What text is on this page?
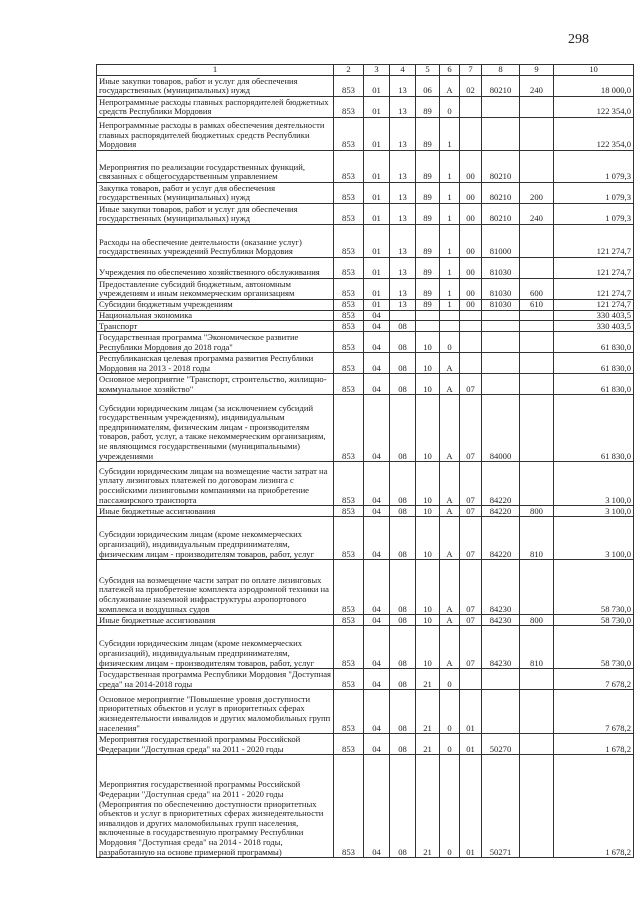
298
1	2	3	4	5	6	7	8	9	10
Иные закупки товаров, работ и услуг для обеспечения государственных (муниципальных) нужд	853	01	13	06	А	02	80210	240	18 000,0
Непрограммные расходы главных распорядителей бюджетных средств Республики Мордовия	853	01	13	89	0				122 354,0
Непрограммные расходы в рамках обеспечения деятельности главных распорядителей бюджетных средств Республики Мордовия	853	01	13	89	1				122 354,0
Мероприятия по реализации государственных функций, связанных с общегосударственным управлением	853	01	13	89	1	00	80210		1 079,3
Закупка товаров, работ и услуг для обеспечения государственных (муниципальных) нужд	853	01	13	89	1	00	80210	200	1 079,3
Иные закупки товаров, работ и услуг для обеспечения государственных (муниципальных) нужд	853	01	13	89	1	00	80210	240	1 079,3
Расходы на обеспечение деятельности (оказание услуг) государственных учреждений Республики Мордовия	853	01	13	89	1	00	81000		121 274,7
Учреждения по обеспечению хозяйственного обслуживания	853	01	13	89	1	00	81030		121 274,7
Предоставление субсидий бюджетным, автономным учреждениям и иным некоммерческим организациям	853	01	13	89	1	00	81030	600	121 274,7
Субсидии бюджетным учреждениям	853	01	13	89	1	00	81030	610	121 274,7
Национальная экономика	853	04							330 403,5
Транспорт	853	04	08						330 403,5
Государственная программа "Экономическое развитие Республики Мордовия до 2018 года"	853	04	08	10	0				61 830,0
Республиканская целевая программа развития Республики Мордовия на 2013 - 2018 годы	853	04	08	10	А				61 830,0
Основное мероприятие "Транспорт, строительство, жилищно-коммунальное хозяйство"	853	04	08	10	А	07			61 830,0
Субсидии юридическим лицам (за исключением субсидий государственным учреждениям), индивидуальным предпринимателям, физическим лицам - производителям товаров, работ, услуг, а также некоммерческим организациям, не являющимся государственными (муниципальными) учреждениями	853	04	08	10	А	07	84000		61 830,0
Субсидии юридическим лицам на возмещение части затрат на уплату лизинговых платежей по договорам лизинга с российскими лизинговыми компаниями на приобретение пассажирского транспорта	853	04	08	10	А	07	84220		3 100,0
Иные бюджетные ассигнования	853	04	08	10	А	07	84220	800	3 100,0
Субсидии юридическим лицам (кроме некоммерческих организаций), индивидуальным предпринимателям, физическим лицам - производителям товаров, работ, услуг	853	04	08	10	А	07	84220	810	3 100,0
Субсидия на возмещение части затрат по оплате лизинговых платежей на приобретение комплекта аэродромной техники на обслуживание наземной инфраструктуры аэропортового комплекса и воздушных судов	853	04	08	10	А	07	84230		58 730,0
Иные бюджетные ассигнования	853	04	08	10	А	07	84230	800	58 730,0
Субсидии юридическим лицам (кроме некоммерческих организаций), индивидуальным предпринимателям, физическим лицам - производителям товаров, работ, услуг	853	04	08	10	А	07	84230	810	58 730,0
Государственная программа Республики Мордовия "Доступная среда" на 2014-2018 годы	853	04	08	21	0				7 678,2
Основное мероприятие "Повышение уровня доступности приоритетных объектов и услуг в приоритетных сферах жизнедеятельности инвалидов и других маломобильных групп населения"	853	04	08	21	0	01			7 678,2
Мероприятия государственной программы Российской Федерации "Доступная среда" на 2011 - 2020 годы	853	04	08	21	0	01	50270		1 678,2
Мероприятия государственной программы Российской Федерации "Доступная среда" на 2011 - 2020 годы (Мероприятия по обеспечению доступности приоритетных объектов и услуг в приоритетных сферах жизнедеятельности инвалидов и других маломобильных групп населения, включенные в государственную программу Республики Мордовия "Доступная среда" на 2014 - 2018 годы, разработанную на основе примерной программы)	853	04	08	21	0	01	50271		1 678,2
